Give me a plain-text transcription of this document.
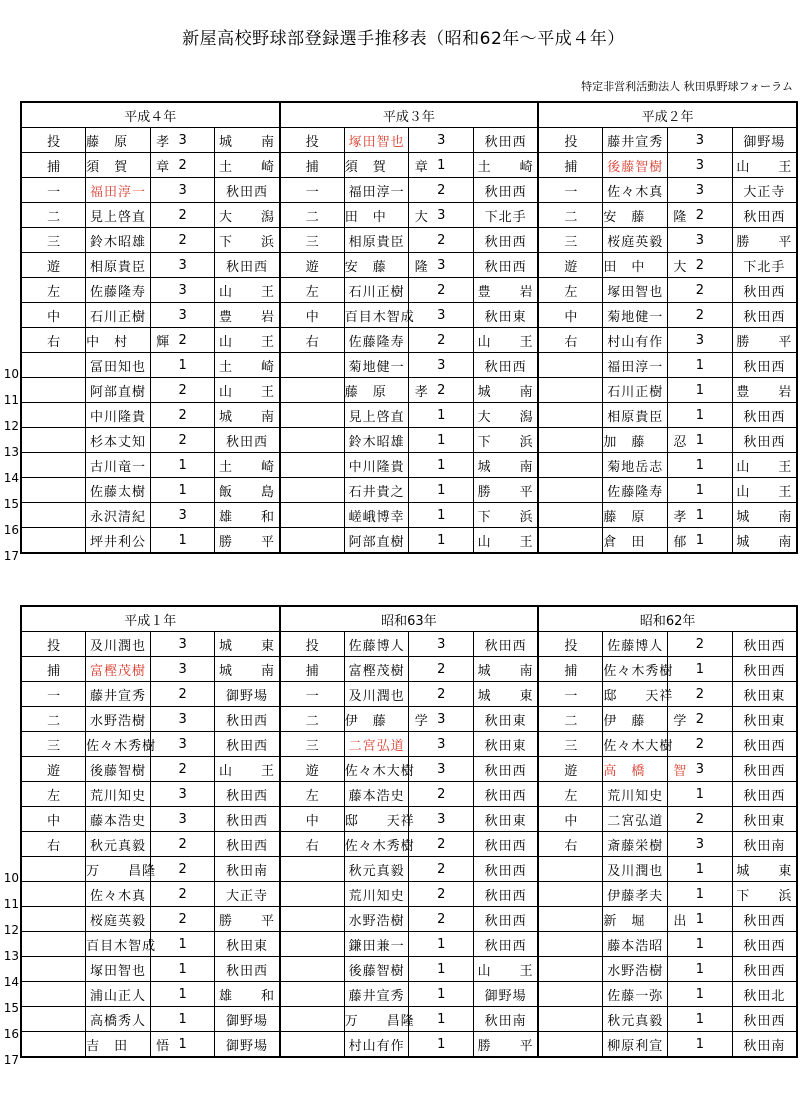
新屋高校野球部登録選手推移表（昭和62年～平成４年）
特定非営利活動法人 秋田県野球フォーラム
10
11
12
13
14
15
16
17
平成４年				平成３年				平成２年			
投	藤　原　　孝	3	城　　南	投	塚田智也	3	秋田西	投	藤井宣秀	3	御野場
捕	須　賀　　章	2	土　　崎	捕	須　賀　　章	1	土　　崎	捕	後藤智樹	3	山　　王
一	福田淳一	3	秋田西	一	福田淳一	2	秋田西	一	佐々木真	3	大正寺
二	見上啓直	2	大　　潟	二	田　中　　大	3	下北手	二	安　藤　　隆	2	秋田西
三	鈴木昭雄	2	下　　浜	三	相原貴臣	2	秋田西	三	桜庭英毅	3	勝　　平
遊	相原貴臣	3	秋田西	遊	安　藤　　隆	3	秋田西	遊	田　中　　大	2	下北手
左	佐藤隆寿	3	山　　王	左	石川正樹	2	豊　　岩	左	塚田智也	2	秋田西
中	石川正樹	3	豊　　岩	中	百目木智成	3	秋田東	中	菊地健一	2	秋田西
右	中　村　　輝	2	山　　王	右	佐藤隆寿	2	山　　王	右	村山有作	3	勝　　平
	冨田知也	1	土　　崎		菊地健一	3	秋田西		福田淳一	1	秋田西
	阿部直樹	2	山　　王		藤　原　　孝	2	城　　南		石川正樹	1	豊　　岩
	中川隆貴	2	城　　南		見上啓直	1	大　　潟		相原貴臣	1	秋田西
	杉本丈知	2	秋田西		鈴木昭雄	1	下　　浜		加　藤　　忍	1	秋田西
	古川竜一	1	土　　崎		中川隆貴	1	城　　南		菊地岳志	1	山　　王
	佐藤太樹	1	飯　　島		石井貴之	1	勝　　平		佐藤隆寿	1	山　　王
	永沢清紀	3	雄　　和		嵯峨博幸	1	下　　浜		藤　原　　孝	1	城　　南
	坪井利公	1	勝　　平		阿部直樹	1	山　　王		倉　田　　郁	1	城　　南
10
11
12
13
14
15
16
17
平成１年				昭和63年				昭和62年			
投	及川潤也	3	城　　東	投	佐藤博人	3	秋田西	投	佐藤博人	2	秋田西
捕	富樫茂樹	3	城　　南	捕	富樫茂樹	2	城　　南	捕	佐々木秀樹	1	秋田西
一	藤井宣秀	2	御野場	一	及川潤也	2	城　　東	一	邸　　天祥	2	秋田東
二	水野浩樹	3	秋田西	二	伊　藤　　学	3	秋田東	二	伊　藤　　学	2	秋田東
三	佐々木秀樹	3	秋田西	三	二宮弘道	3	秋田東	三	佐々木大樹	2	秋田西
遊	後藤智樹	2	山　　王	遊	佐々木大樹	3	秋田西	遊	高　橋　　智	3	秋田西
左	荒川知史	3	秋田西	左	藤本浩史	2	秋田西	左	荒川知史	1	秋田西
中	藤本浩史	3	秋田西	中	邸　　天祥	3	秋田東	中	二宮弘道	2	秋田東
右	秋元真毅	2	秋田西	右	佐々木秀樹	2	秋田西	右	斎藤栄樹	3	秋田南
	万　　昌隆	2	秋田南		秋元真毅	2	秋田西		及川潤也	1	城　　東
	佐々木真	2	大正寺		荒川知史	2	秋田西		伊藤孝夫	1	下　　浜
	桜庭英毅	2	勝　　平		水野浩樹	2	秋田西		新　堀　　出	1	秋田西
	百目木智成	1	秋田東		鎌田兼一	1	秋田西		藤本浩昭	1	秋田西
	塚田智也	1	秋田西		後藤智樹	1	山　　王		水野浩樹	1	秋田西
	浦山正人	1	雄　　和		藤井宣秀	1	御野場		佐藤一弥	1	秋田北
	高橋秀人	1	御野場		万　　昌隆	1	秋田南		秋元真毅	1	秋田西
	吉　田　　悟	1	御野場		村山有作	1	勝　　平		柳原利宣	1	秋田南
